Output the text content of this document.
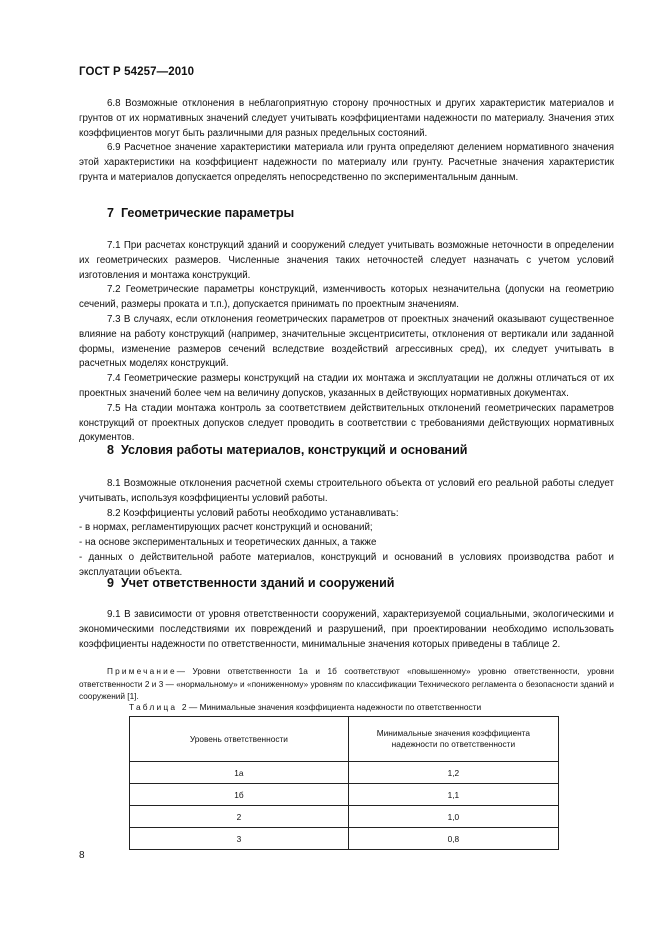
ГОСТ Р 54257—2010

6.8 Возможные отклонения в неблагоприятную сторону прочностных и других характеристик материалов и грунтов от их нормативных значений следует учитывать коэффициентами надежности по материалу. Значения этих коэффициентов могут быть различными для разных предельных состояний.

6.9 Расчетное значение характеристики материала или грунта определяют делением нормативного значения этой характеристики на коэффициент надежности по материалу или грунту. Расчетные значения характеристик грунта и материалов допускается определять непосредственно по экспериментальным данным.

7 Геометрические параметры

7.1 При расчетах конструкций зданий и сооружений следует учитывать возможные неточности в определении их геометрических размеров. Численные значения таких неточностей следует назначать с учетом условий изготовления и монтажа конструкций.

7.2 Геометрические параметры конструкций, изменчивость которых незначительна (допуски на геометрию сечений, размеры проката и т.п.), допускается принимать по проектным значениям.

7.3 В случаях, если отклонения геометрических параметров от проектных значений оказывают существенное влияние на работу конструкций (например, значительные эксцентриситеты, отклонения от вертикали или заданной формы, изменение размеров сечений вследствие воздействий агрессивных сред), их следует учитывать в расчетных моделях конструкций.

7.4 Геометрические размеры конструкций на стадии их монтажа и эксплуатации не должны отличаться от их проектных значений более чем на величину допусков, указанных в действующих нормативных документах.

7.5 На стадии монтажа контроль за соответствием действительных отклонений геометрических параметров конструкций от проектных допусков следует проводить в соответствии с требованиями действующих нормативных документов.

8 Условия работы материалов, конструкций и оснований

8.1 Возможные отклонения расчетной схемы строительного объекта от условий его реальной работы следует учитывать, используя коэффициенты условий работы.

8.2 Коэффициенты условий работы необходимо устанавливать:

- в нормах, регламентирующих расчет конструкций и оснований;

- на основе экспериментальных и теоретических данных, а также

- данных о действительной работе материалов, конструкций и оснований в условиях производства работ и эксплуатации объекта.

9 Учет ответственности зданий и сооружений

9.1 В зависимости от уровня ответственности сооружений, характеризуемой социальными, экологическими и экономическими последствиями их повреждений и разрушений, при проектировании необходимо использовать коэффициенты надежности по ответственности, минимальные значения которых приведены в таблице 2.

Примечание— Уровни ответственности 1а и 1б соответствуют «повышенному» уровню ответственности, уровни ответственности 2 и 3 — «нормальному» и «пониженному» уровням по классификации Технического регламента о безопасности зданий и сооружений [1].

Таблица 2 — Минимальные значения коэффициента надежности по ответственности
Уровень ответственности	Минимальные значения коэффициента надежности по ответственности
1а	1,2
1б	1,1
2	1,0
3	0,8
8
